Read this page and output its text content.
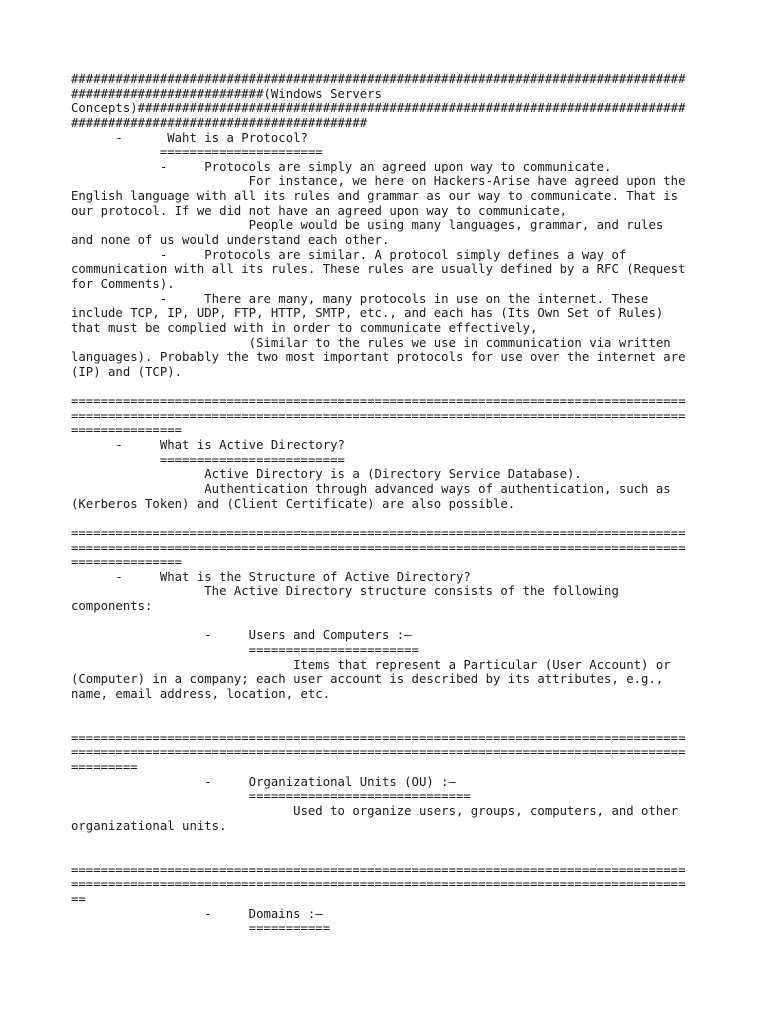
###################################################################################
##########################(Windows Servers
Concepts)##########################################################################
########################################
-      Waht is a Protocol?
======================
-     Protocols are simply an agreed upon way to communicate.
For instance, we here on Hackers-Arise have agreed upon the
English language with all its rules and grammar as our way to communicate. That is
our protocol. If we did not have an agreed upon way to communicate,
People would be using many languages, grammar, and rules
and none of us would understand each other.
-     Protocols are similar. A protocol simply defines a way of
communication with all its rules. These rules are usually defined by a RFC (Request
for Comments).
-     There are many, many protocols in use on the internet. These
include TCP, IP, UDP, FTP, HTTP, SMTP, etc., and each has (Its Own Set of Rules)
that must be complied with in order to communicate effectively,
(Similar to the rules we use in communication via written
languages). Probably the two most important protocols for use over the internet are
(IP) and (TCP).
===================================================================================
===================================================================================
===============
-     What is Active Directory?
=========================
Active Directory is a (Directory Service Database).
Authentication through advanced ways of authentication, such as
(Kerberos Token) and (Client Certificate) are also possible.
===================================================================================
===================================================================================
===============
-     What is the Structure of Active Directory?
The Active Directory structure consists of the following
components:
-     Users and Computers :–
=======================
Items that represent a Particular (User Account) or
(Computer) in a company; each user account is described by its attributes, e.g.,
name, email address, location, etc.
===================================================================================
===================================================================================
=========
-     Organizational Units (OU) :–
==============================
Used to organize users, groups, computers, and other
organizational units.
===================================================================================
===================================================================================
==
-     Domains :–
===========
